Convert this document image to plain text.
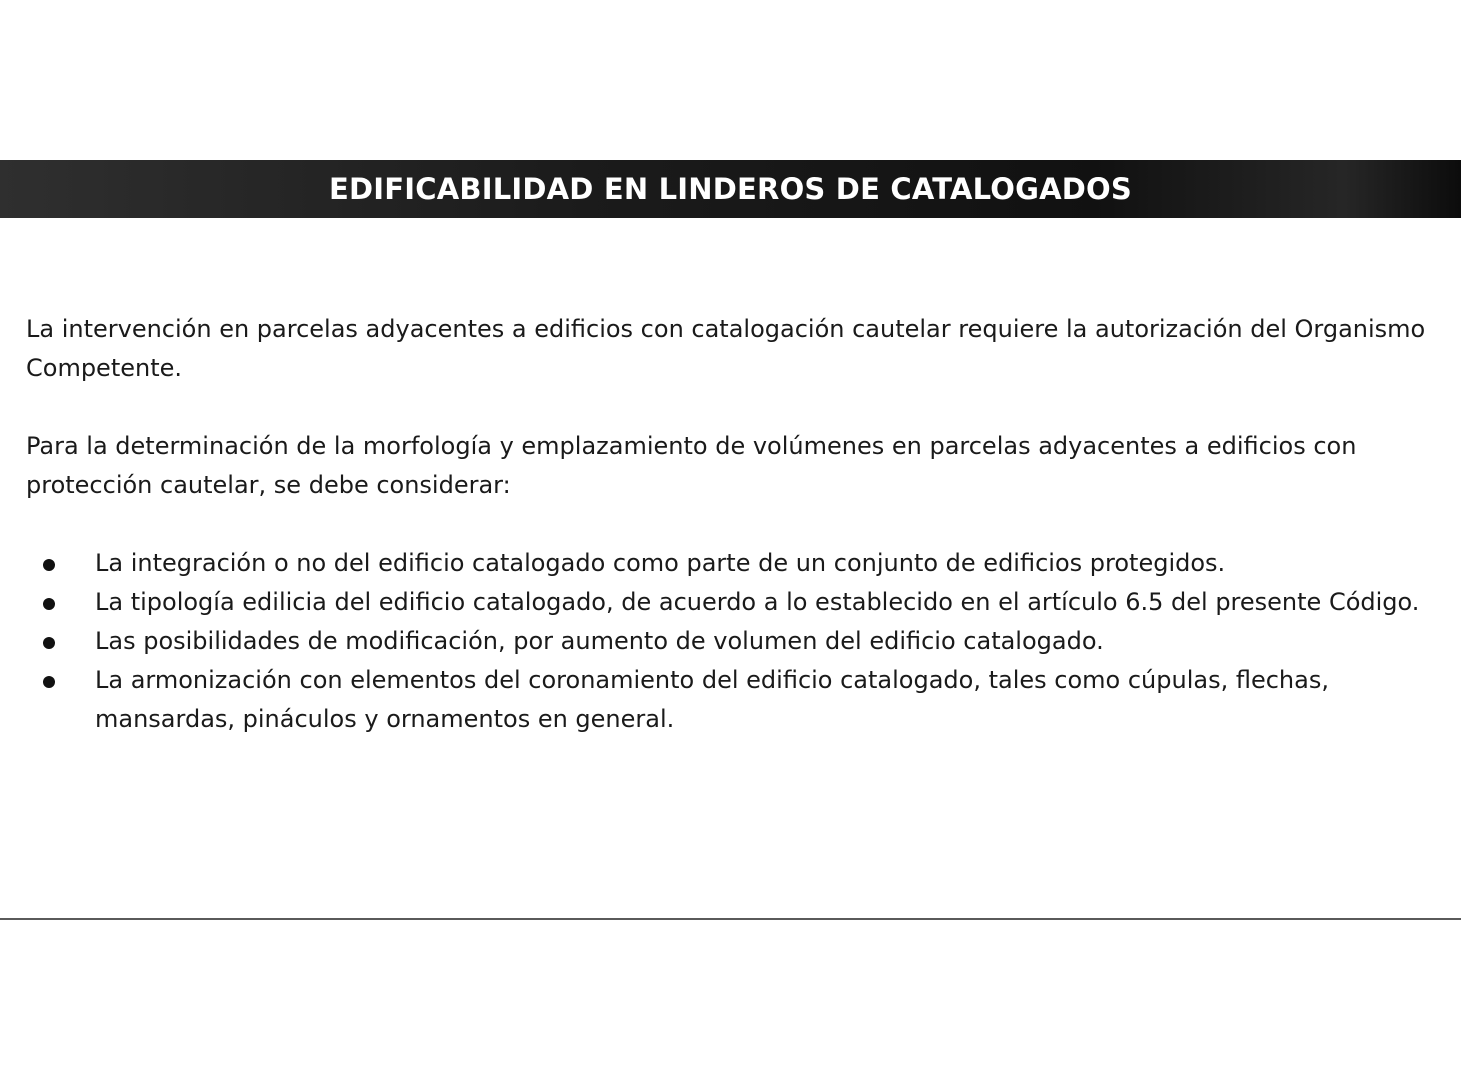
EDIFICABILIDAD EN LINDEROS DE CATALOGADOS

La intervención en parcelas adyacentes a edificios con catalogación cautelar requiere la autorización del Organismo Competente.

Para la determinación de la morfología y emplazamiento de volúmenes en parcelas adyacentes a edificios con protección cautelar, se debe considerar:

La integración o no del edificio catalogado como parte de un conjunto de edificios protegidos.
La tipología edilicia del edificio catalogado, de acuerdo a lo establecido en el artículo 6.5 del presente Código.
Las posibilidades de modificación, por aumento de volumen del edificio catalogado.
La armonización con elementos del coronamiento del edificio catalogado, tales como cúpulas, flechas, mansardas, pináculos y ornamentos en general.
